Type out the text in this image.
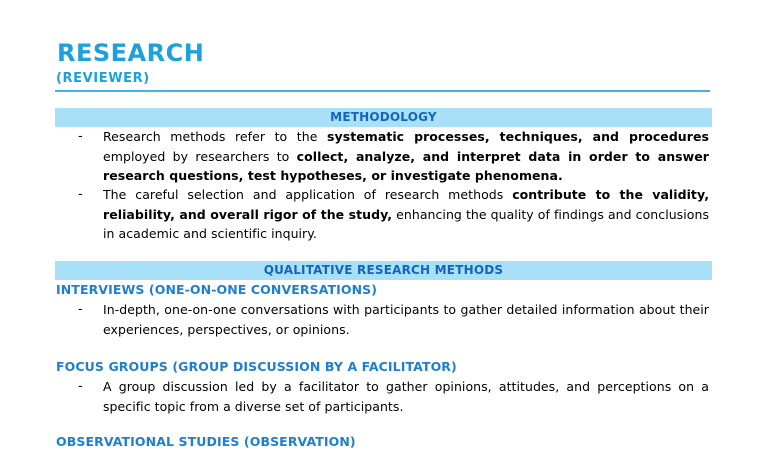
RESEARCH
(REVIEWER)
METHODOLOGY
- Research methods refer to the systematic processes, techniques, and procedures employed by researchers to collect, analyze, and interpret data in order to answer research questions, test hypotheses, or investigate phenomena.

- The careful selection and application of research methods contribute to the validity, reliability, and overall rigor of the study, enhancing the quality of findings and conclusions in academic and scientific inquiry.

QUALITATIVE RESEARCH METHODS
INTERVIEWS (ONE-ON-ONE CONVERSATIONS)
- In-depth, one-on-one conversations with participants to gather detailed information about their experiences, perspectives, or opinions.

FOCUS GROUPS (GROUP DISCUSSION BY A FACILITATOR)
- A group discussion led by a facilitator to gather opinions, attitudes, and perceptions on a specific topic from a diverse set of participants.

OBSERVATIONAL STUDIES (OBSERVATION)
